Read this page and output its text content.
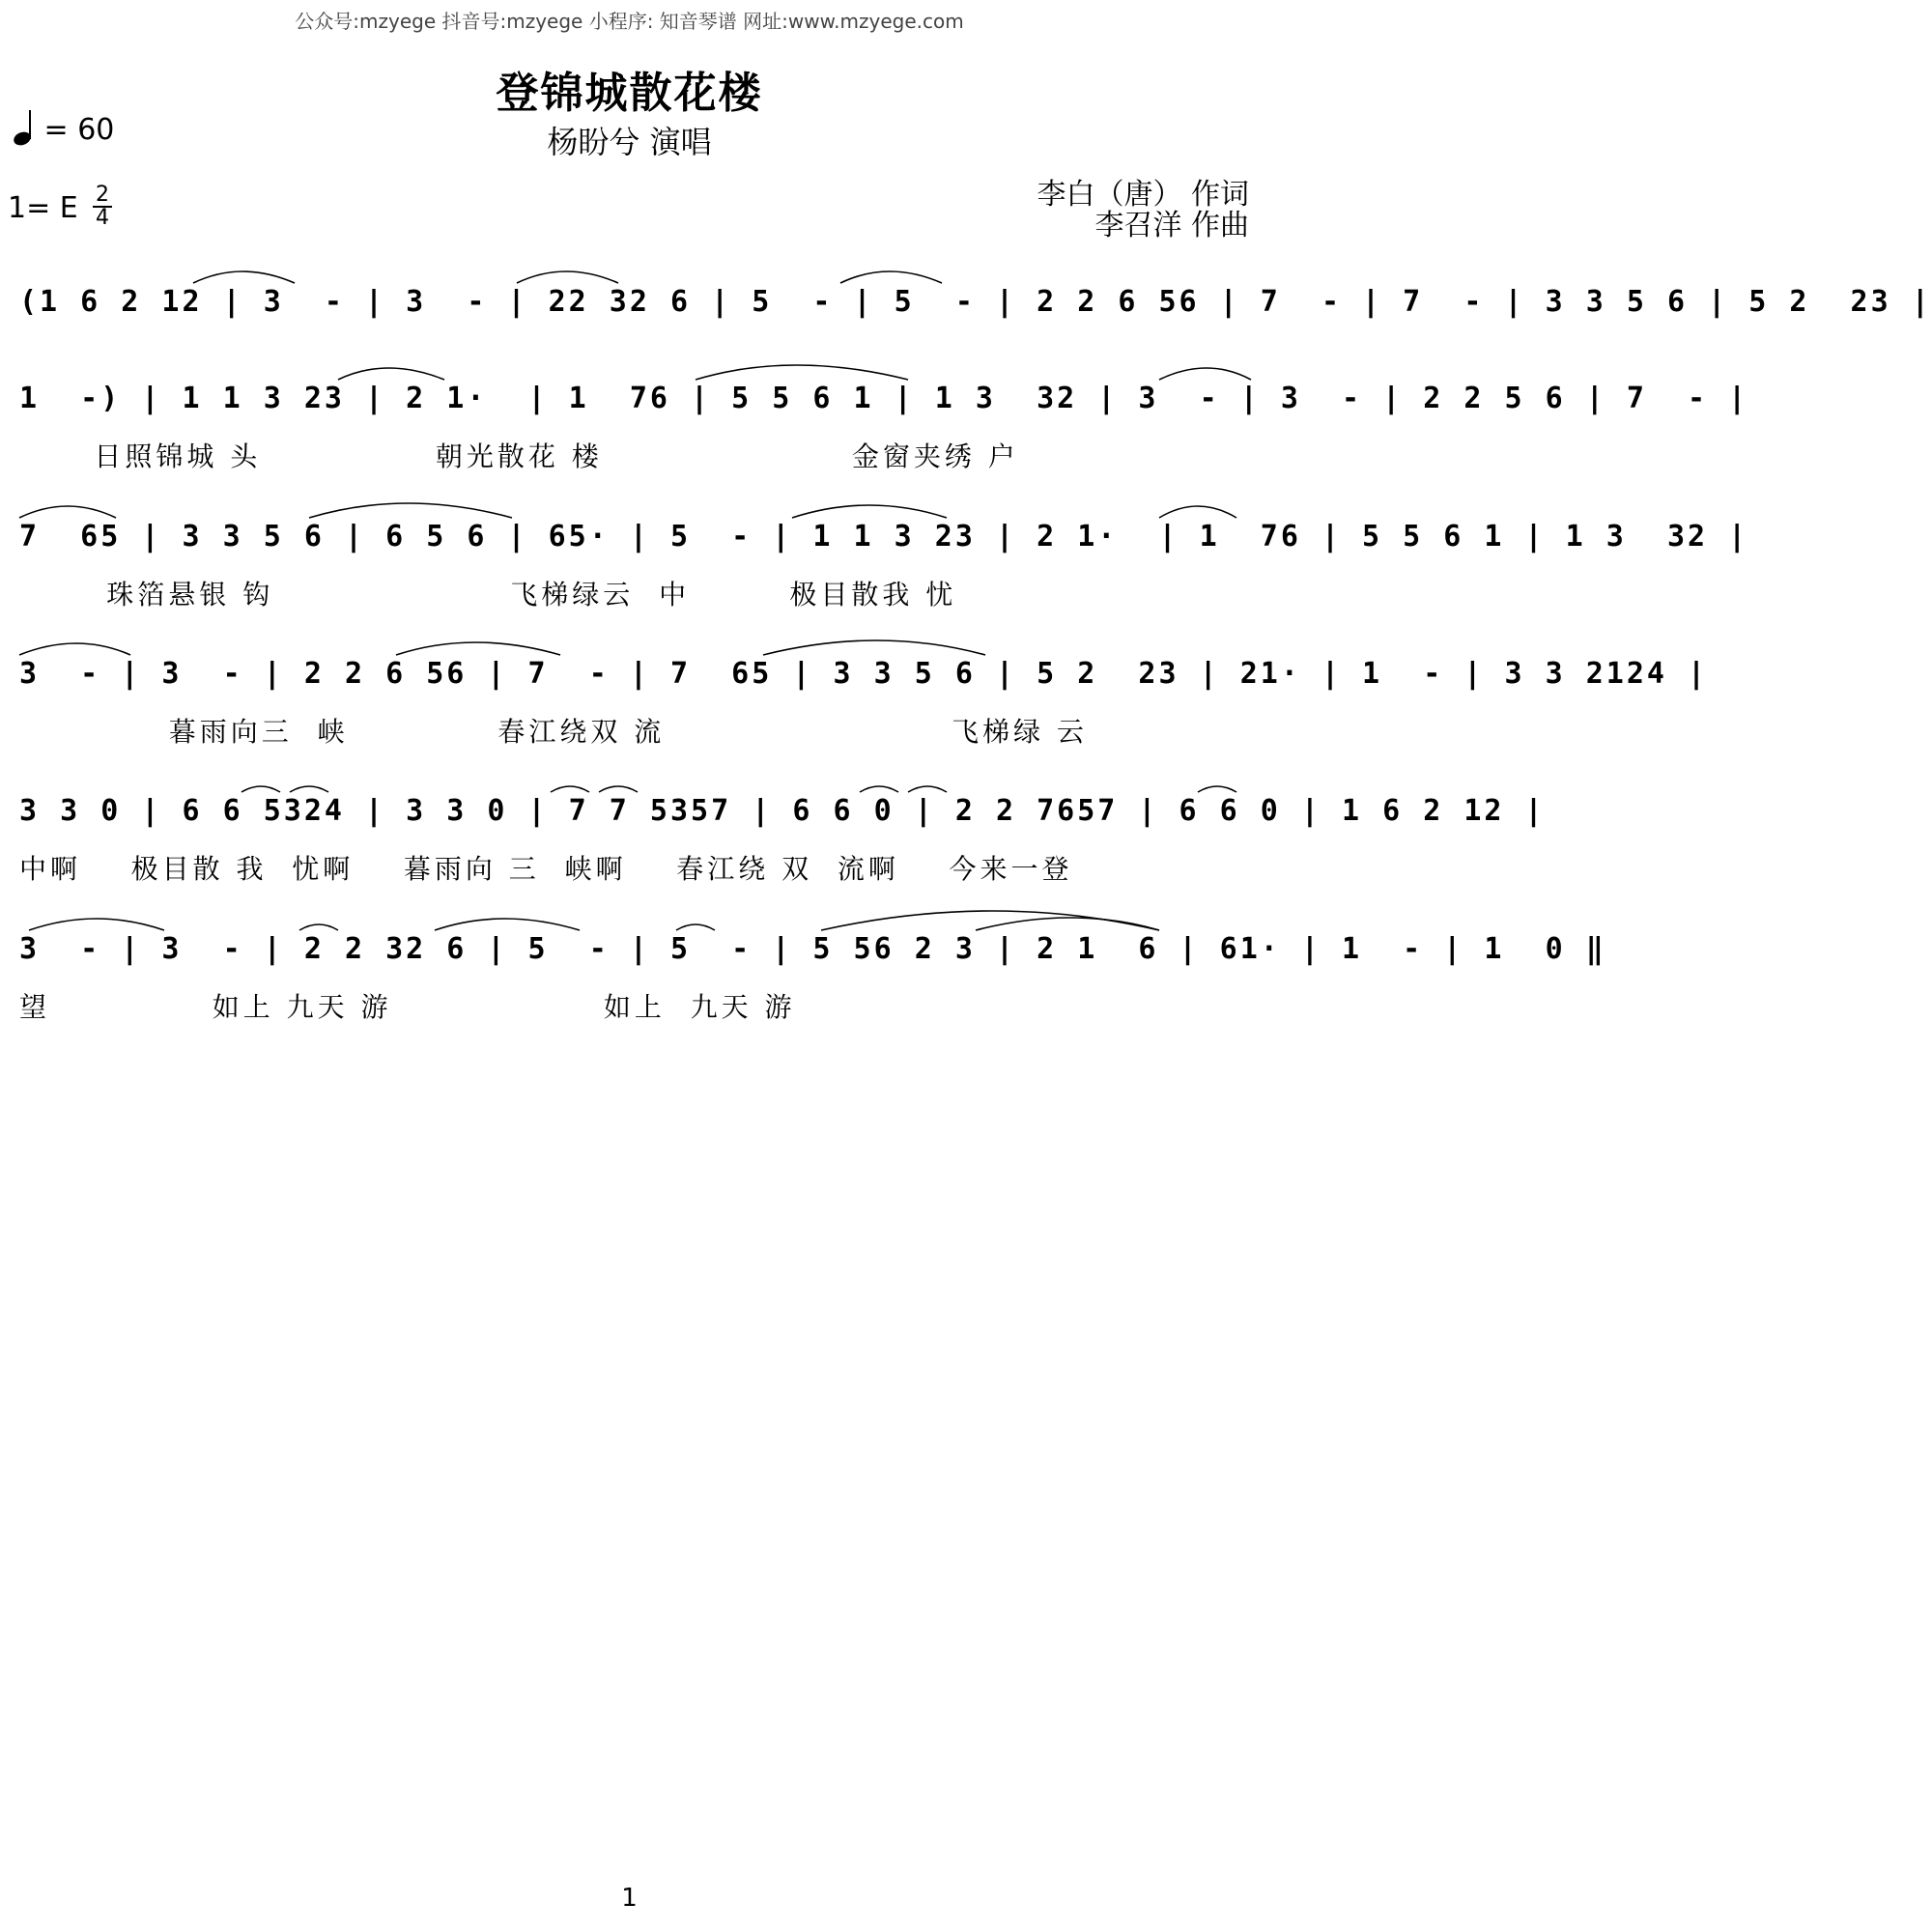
公众号:mzyege 抖音号:mzyege 小程序: 知音琴谱 网址:www.mzyege.com
登锦城散花楼
杨盼兮 演唱
= 60
1= E 2
4
李白（唐） 作词
李召洋 作曲
(1 6 2 12 | 3  - | 3  - | 22 32 6 | 5  - | 5  - | 2 2 6 56 | 7  - | 7  - | 3 3 5 6 | 5 2  23 |
1  -) | 1 1 3 23 | 2 1·  | 1  76 | 5 5 6 1 | 1 3  32 | 3  - | 3  - | 2 2 5 6 | 7  - |
日照锦城 头              朝光散花 楼                    金窗夹绣 户
7  65 | 3 3 5 6 | 6 5 6 | 65· | 5  - | 1 1 3 23 | 2 1·  | 1  76 | 5 5 6 1 | 1 3  32 |
珠箔悬银 钩                   飞梯绿云  中        极目散我 忧
3  - | 3  - | 2 2 6 56 | 7  - | 7  65 | 3 3 5 6 | 5 2  23 | 21· | 1  - | 3 3 2124 |
暮雨向三  峡            春江绕双 流                       飞梯绿 云
3 3 0 | 6 6 5324 | 3 3 0 | 7 7 5357 | 6 6 0 | 2 2 7657 | 6 6 0 | 1 6 2 12 |
中啊    极目散 我  忧啊    暮雨向 三  峡啊    春江绕 双  流啊    今来一登
3  - | 3  - | 2 2 32 6 | 5  - | 5  - | 5 56 2 3 | 2 1  6 | 61· | 1  - | 1  0 ‖
望             如上 九天 游                 如上  九天 游
1
